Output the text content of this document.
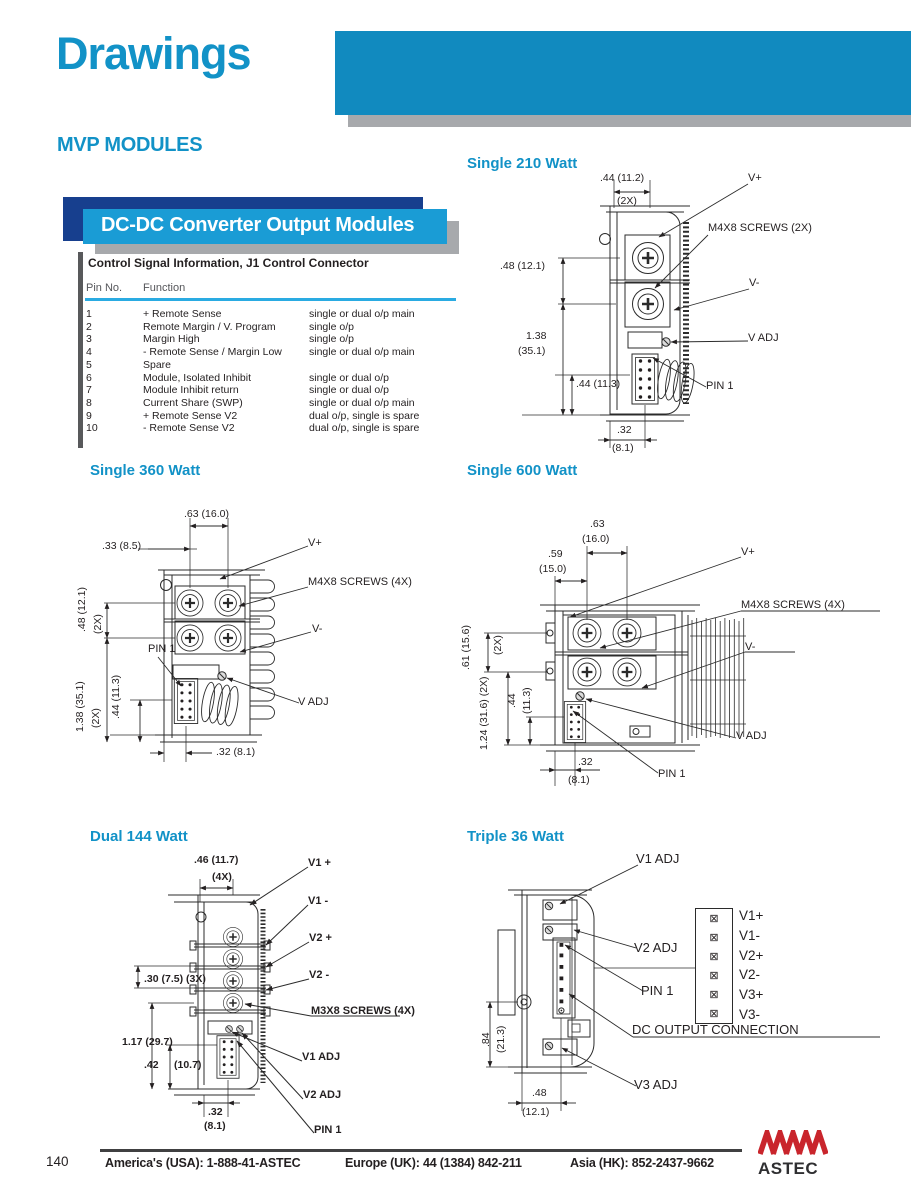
Drawings
MVP MODULES
DC-DC Converter Output Modules
Control Signal Information, J1 Control Connector
Pin No. Function
1	+ Remote Sense	single or dual o/p main
2	Remote Margin / V. Program	single o/p
3	Margin High	single o/p
4	- Remote Sense / Margin Low	single or dual o/p main
5	Spare
6	Module, Isolated Inhibit	single or dual o/p
7	Module Inhibit return	single or dual o/p
8	Current Share (SWP)	single or dual o/p main
9	+ Remote Sense V2	dual o/p, single is spare
10	- Remote Sense V2	dual o/p, single is spare
Single 210 Watt
.44 (11.2)
(2X)
V+
M4X8 SCREWS (2X)
V-
.48 (12.1)
1.38
(35.1)
V ADJ
.44 (11.3)	PIN 1
.32
(8.1)
Single 360 Watt
.63 (16.0)
.33 (8.5)	V+
M4X8 SCREWS (4X)
V-
.48 (12.1) (2X)
1.38 (35.1) (2X) .44 (11.3)
PIN 1
V ADJ
.32 (8.1)
Single 600 Watt
.63
(16.0)
.59
(15.0)
V+
M4X8 SCREWS (4X)
V-
.61 (15.6) (2X)
1.24 (31.6) (2X) .44 (11.3)
V ADJ
PIN 1
.32
(8.1)
Dual 144 Watt
.46 (11.7)
(4X)
V1 +
V1 -
V2 +
V2 -
.30 (7.5) (3X)
M3X8 SCREWS (4X)
1.17 (29.7)
.42 (10.7)
V1 ADJ
V2 ADJ
PIN 1
.32
(8.1)
Triple 36 Watt
V1 ADJ
V2 ADJ
PIN 1
DC OUTPUT CONNECTION
V3 ADJ
.84 (21.3)
.48
(12.1)
⊠
⊠
⊠
⊠
⊠
⊠
V1+
V1-
V2+
V2-
V3+
V3-
140	America's (USA): 1-888-41-ASTEC	Europe (UK): 44 (1384) 842-211	Asia (HK): 852-2437-9662	ASTEC
